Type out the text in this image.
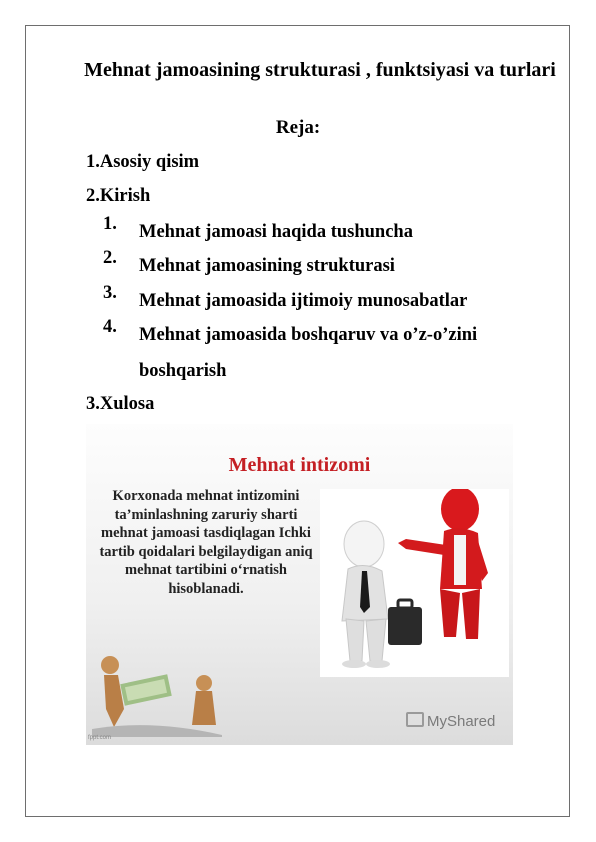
Mehnat jamoasining strukturasi , funktsiyasi va turlari
Reja:
1.Asosiy qisim
2.Kirish
1. Mehnat jamoasi haqida tushuncha
2. Mehnat jamoasining strukturasi
3. Mehnat jamoasida ijtimoiy munosabatlar
4. Mehnat jamoasida boshqaruv va o’z-o’zini boshqarish
3.Xulosa
Mehnat intizomi
Korxonada mehnat intizomini ta’minlashning zaruriy sharti mehnat jamoasi tasdiqlagan Ichki tartib qoidalari belgilaydigan aniq mehnat tartibini o‘rnatish hisoblanadi.
MyShared
fppt.com
